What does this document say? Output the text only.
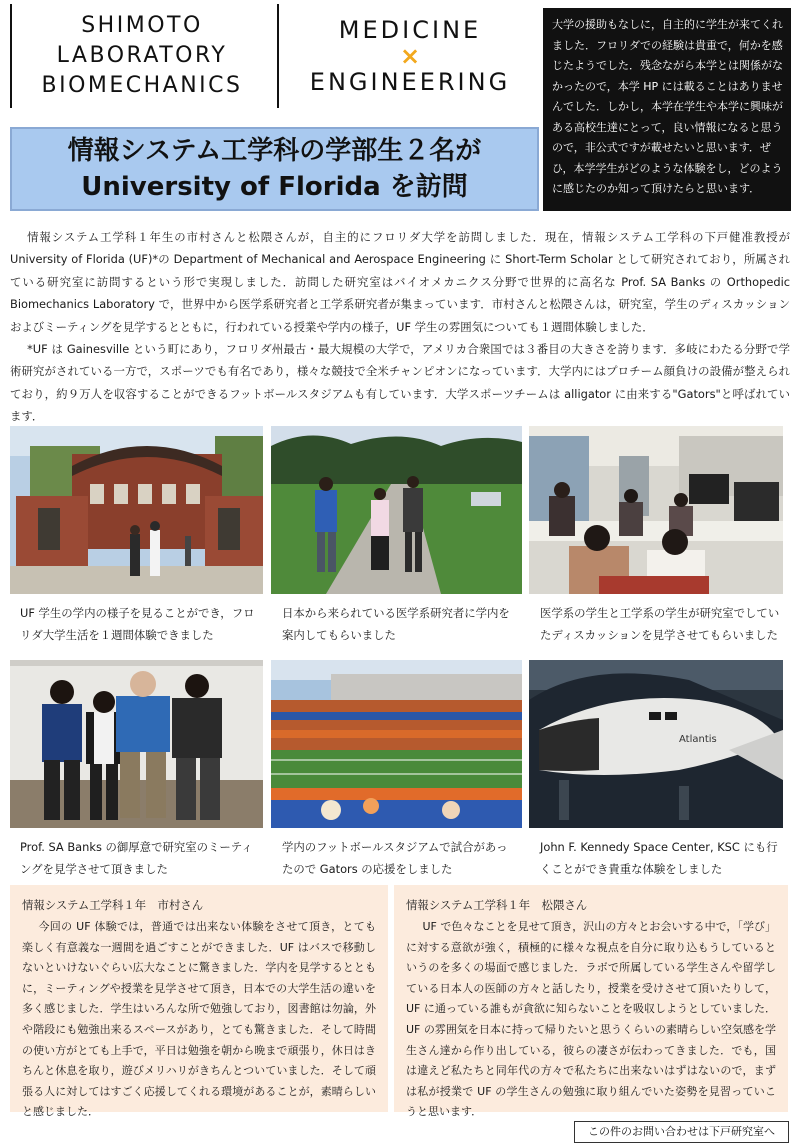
SHIMOTO
LABORATORY
BIOMECHANICS
MEDICINE
×
ENGINEERING
大学の援助もなしに，自主的に学生が来てくれました．フロリダでの経験は貴重で，何かを感じたようでした．残念ながら本学とは関係がなかったので，本学 HP には載ることはありませんでした．しかし，本学在学生や本学に興味がある高校生達にとって，良い情報になると思うので，非公式ですが載せたいと思います．ぜひ，本学学生がどのような体験をし，どのように感じたのか知って頂けたらと思います．
情報システム工学科の学部生２名が
University of Florida を訪問

情報システム工学科１年生の市村さんと松隈さんが，自主的にフロリダ大学を訪問しました．現在，情報システム工学科の下戸健准教授が University of Florida (UF)*の Department of Mechanical and Aerospace Engineering に Short-Term Scholar として研究されており，所属されている研究室に訪問するという形で実現しました．訪問した研究室はバイオメカニクス分野で世界的に高名な Prof. SA Banks の Orthopedic Biomechanics Laboratory で，世界中から医学系研究者と工学系研究者が集まっています．市村さんと松隈さんは，研究室，学生のディスカッションおよびミーティングを見学するとともに，行われている授業や学内の様子，UF 学生の雰囲気についても１週間体験しました．

*UF は Gainesville という町にあり，フロリダ州最古・最大規模の大学で，アメリカ合衆国では３番目の大きさを誇ります．多岐にわたる分野で学術研究がされている一方で，スポーツでも有名であり，様々な競技で全米チャンピオンになっています．大学内にはプロチーム顔負けの設備が整えられており，約９万人を収容することができるフットボールスタジアムも有しています．大学スポーツチームは alligator に由来する"Gators"と呼ばれています．

UF 学生の学内の様子を見ることができ，フロリダ大学生活を１週間体験できました
日本から来られている医学系研究者に学内を案内してもらいました
医学系の学生と工学系の学生が研究室でしていたディスカッションを見学させてもらいました
Prof. SA Banks の御厚意で研究室のミーティングを見学させて頂きました
学内のフットボールスタジアムで試合があったので Gators の応援をしました
Atlantis
John F. Kennedy Space Center, KSC にも行くことができ貴重な体験をしました
情報システム工学科１年　市村さん
今回の UF 体験では，普通では出来ない体験をさせて頂き，とても楽しく有意義な一週間を過ごすことができました．UF はバスで移動しないといけないぐらい広大なことに驚きました．学内を見学するとともに，ミーティングや授業を見学させて頂き，日本での大学生活の違いを多く感じました．学生はいろんな所で勉強しており，図書館は勿論，外や階段にも勉強出来るスペースがあり，とても驚きました．そして時間の使い方がとても上手で，平日は勉強を朝から晩まで頑張り，休日はきちんと休息を取り，遊びメリハリがきちんとついていました．そして頑張る人に対してはすごく応援してくれる環境があることが，素晴らしいと感じました．
情報システム工学科１年　松隈さん
UF で色々なことを見せて頂き，沢山の方々とお会いする中で，「学び」に対する意欲が強く，積極的に様々な視点を自分に取り込もうしているというのを多くの場面で感じました．ラボで所属している学生さんや留学している日本人の医師の方々と話したり，授業を受けさせて頂いたりして，UF に通っている誰もが貪欲に知らないことを吸収しようとしていました．UF の雰囲気を日本に持って帰りたいと思うくらいの素晴らしい空気感を学生さん達から作り出している，彼らの凄さが伝わってきました．でも，国は違えど私たちと同年代の方々で私たちに出来ないはずはないので，まずは私が授業で UF の学生さんの勉強に取り組んでいた姿勢を見習っていこうと思います．
この件のお問い合わせは下戸研究室へ
